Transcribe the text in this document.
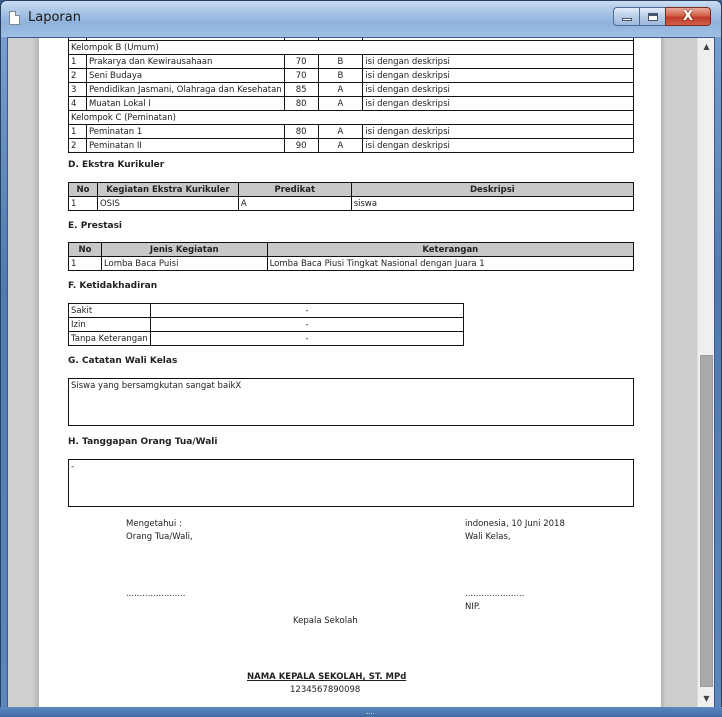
Laporan	X

Kelompok B (Umum)				
1	Prakarya dan Kewirausahaan	70	B	isi dengan deskripsi
2	Seni Budaya	70	B	isi dengan deskripsi
3	Pendidikan Jasmani, Olahraga dan Kesehatan	85	A	isi dengan deskripsi
4	Muatan Lokal I	80	A	isi dengan deskripsi
Kelompok C (Peminatan)				
1	Peminatan 1	80	A	isi dengan deskripsi
2	Peminatan II	90	A	isi dengan deskripsi
D. Ekstra Kurikuler
No	Kegiatan Ekstra Kurikuler	Predikat	Deskripsi
1	OSIS	A	siswa
E. Prestasi
No	Jenis Kegiatan	Keterangan
1	Lomba Baca Puisi	Lomba Baca Piusi Tingkat Nasional dengan Juara 1
F. Ketidakhadiran
Sakit	-
Izin	-
Tanpa Keterangan	-
G. Catatan Wali Kelas
Siswa yang bersamgkutan sangat baikX
H. Tanggapan Orang Tua/Wali
-
Mengetahui :
Orang Tua/Wali,
......................
indonesia, 10 Juni 2018
Wali Kelas,
......................
NIP.
Kepala Sekolah
NAMA KEPALA SEKOLAH, ST. MPd
1234567890098
▲
▼
